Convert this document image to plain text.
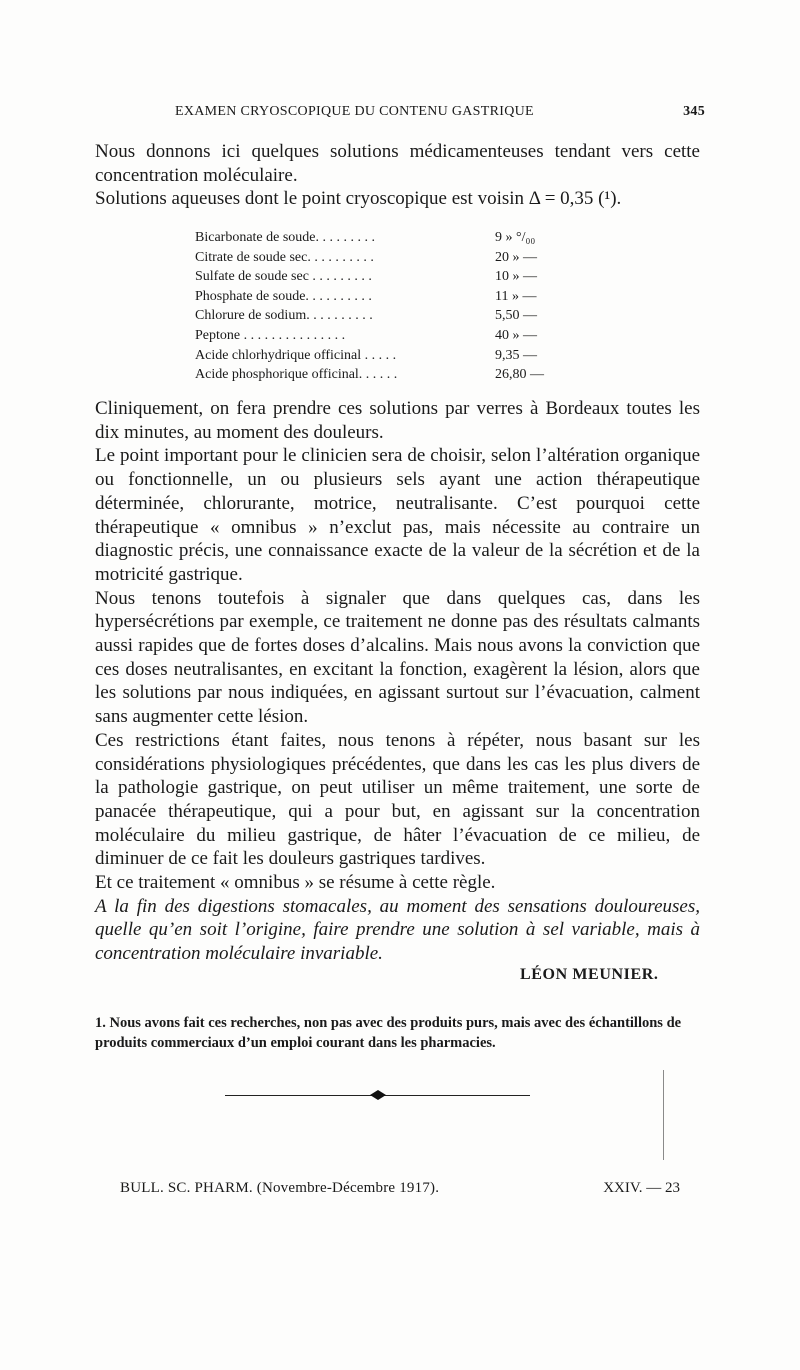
EXAMEN CRYOSCOPIQUE DU CONTENU GASTRIQUE	345

Nous donnons ici quelques solutions médicamenteuses tendant vers cette concentration moléculaire.

Solutions aqueuses dont le point cryoscopique est voisin Δ = 0,35 (¹).

Bicarbonate de soude. . . . . . . . .	9 » °/₀₀
Citrate de soude sec. . . . . . . . . .	20 » —
Sulfate de soude sec . . . . . . . . .	10 » —
Phosphate de soude. . . . . . . . . .	11 » —
Chlorure de sodium. . . . . . . . . .	5,50 —
Peptone . . . . . . . . . . . . . . .	40 » —
Acide chlorhydrique officinal . . . . .	9,35 —
Acide phosphorique officinal. . . . . .	26,80 —

Cliniquement, on fera prendre ces solutions par verres à Bordeaux toutes les dix minutes, au moment des douleurs.

Le point important pour le clinicien sera de choisir, selon l’altération organique ou fonctionnelle, un ou plusieurs sels ayant une action thérapeutique déterminée, chlorurante, motrice, neutralisante. C’est pourquoi cette thérapeutique « omnibus » n’exclut pas, mais nécessite au contraire un diagnostic précis, une connaissance exacte de la valeur de la sécrétion et de la motricité gastrique.

Nous tenons toutefois à signaler que dans quelques cas, dans les hypersécrétions par exemple, ce traitement ne donne pas des résultats calmants aussi rapides que de fortes doses d’alcalins. Mais nous avons la conviction que ces doses neutralisantes, en excitant la fonction, exagèrent la lésion, alors que les solutions par nous indiquées, en agissant surtout sur l’évacuation, calment sans augmenter cette lésion.

Ces restrictions étant faites, nous tenons à répéter, nous basant sur les considérations physiologiques précédentes, que dans les cas les plus divers de la pathologie gastrique, on peut utiliser un même traitement, une sorte de panacée thérapeutique, qui a pour but, en agissant sur la concentration moléculaire du milieu gastrique, de hâter l’évacuation de ce milieu, de diminuer de ce fait les douleurs gastriques tardives.

Et ce traitement « omnibus » se résume à cette règle.

A la fin des digestions stomacales, au moment des sensations douloureuses, quelle qu’en soit l’origine, faire prendre une solution à sel variable, mais à concentration moléculaire invariable.

LÉON MEUNIER.
1. Nous avons fait ces recherches, non pas avec des produits purs, mais avec des échantillons de produits commerciaux d’un emploi courant dans les pharmacies.
BULL. SC. PHARM. (Novembre-Décembre 1917).	XXIV. — 23
